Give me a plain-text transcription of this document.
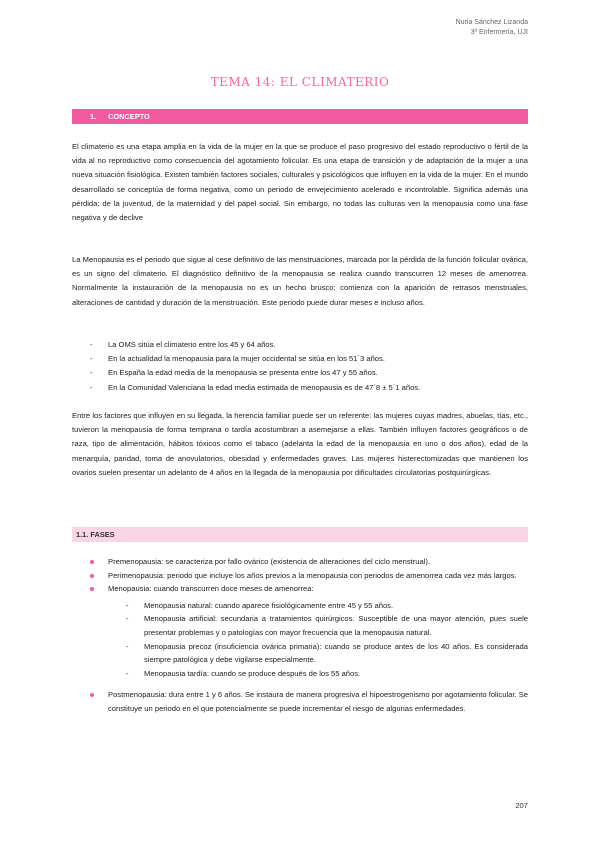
Nuria Sánchez Lizanda
3º Enfermería, UJI
TEMA 14: EL CLIMATERIO
1. CONCEPTO

El climaterio es una etapa amplia en la vida de la mujer en la que se produce el paso progresivo del estado reproductivo o fértil de la vida al no reproductivo como consecuencia del agotamiento folicular. Es una etapa de transición y de adaptación de la mujer a una nueva situación fisiológica. Existen también factores sociales, culturales y psicológicos que influyen en la vida de la mujer. En el mundo desarrollado se conceptúa de forma negativa, como un periodo de envejecimiento acelerado e incontrolable. Significa además una pérdida; de la juventud, de la maternidad y del papel social. Sin embargo, no todas las culturas ven la menopausia como una fase negativa y de declive

La Menopausia es el periodo que sigue al cese definitivo de las menstruaciones, marcada por la pérdida de la función folicular ovárica, es un signo del climaterio. El diagnóstico definitivo de la menopausia se realiza cuando transcurren 12 meses de amenorrea. Normalmente la instauración de la menopausia no es un hecho brusco; comienza con la aparición de retrasos menstruales, alteraciones de cantidad y duración de la menstruación. Este periodo puede durar meses e incluso años.

- La OMS sitúa el climaterio entre los 45 y 64 años.
- En la actualidad la menopausia para la mujer occidental se sitúa en los 51´3 años.
- En España la edad media de la menopausia se presenta entre los 47 y 55 años.
- En la Comunidad Valenciana la edad media estimada de menopausia es de 47´8 ± 5´1 años.

Entre los factores que influyen en su llegada, la herencia familiar puede ser un referente: las mujeres cuyas madres, abuelas, tías, etc., tuvieron la menopausia de forma temprana o tardía acostumbran a asemejarse a ellas. También influyen factores geográficos o de raza, tipo de alimentación, hábitos tóxicos como el tabaco (adelanta la edad de la menopausia en uno o dos años), edad de la menarquía, paridad, toma de anovulatorios, obesidad y enfermedades graves. Las mujeres histerectomizadas que mantienen los ovarios suelen presentar un adelanto de 4 años en la llegada de la menopausia por dificultades circulatorias postquirúrgicas.

1.1. FASES
Premenopausia: se caracteriza por fallo ovárico (existencia de alteraciones del ciclo menstrual).
Perimenopausia: periodo que incluye los años previos a la menopausia con periodos de amenorrea cada vez más largos.
Menopausia: cuando transcurren doce meses de amenorrea:
- Menopausia natural: cuando aparece fisiológicamente entre 45 y 55 años.
- Menopausia artificial: secundaria a tratamientos quirúrgicos. Susceptible de una mayor atención, pues suele presentar problemas y o patologías con mayor frecuencia que la menopausia natural.
- Menopausia precoz (insuficiencia ovárica primaria): cuando se produce antes de los 40 años. Es considerada siempre patológica y debe vigilarse especialmente.
- Menopausia tardía: cuando se produce después de los 55 años.
Postmenopausia: dura entre 1 y 6 años. Se instaura de manera progresiva el hipoestrogenismo por agotamiento folicular. Se constituye un periodo en el que potencialmente se puede incrementar el riesgo de algunas enfermedades.
207
